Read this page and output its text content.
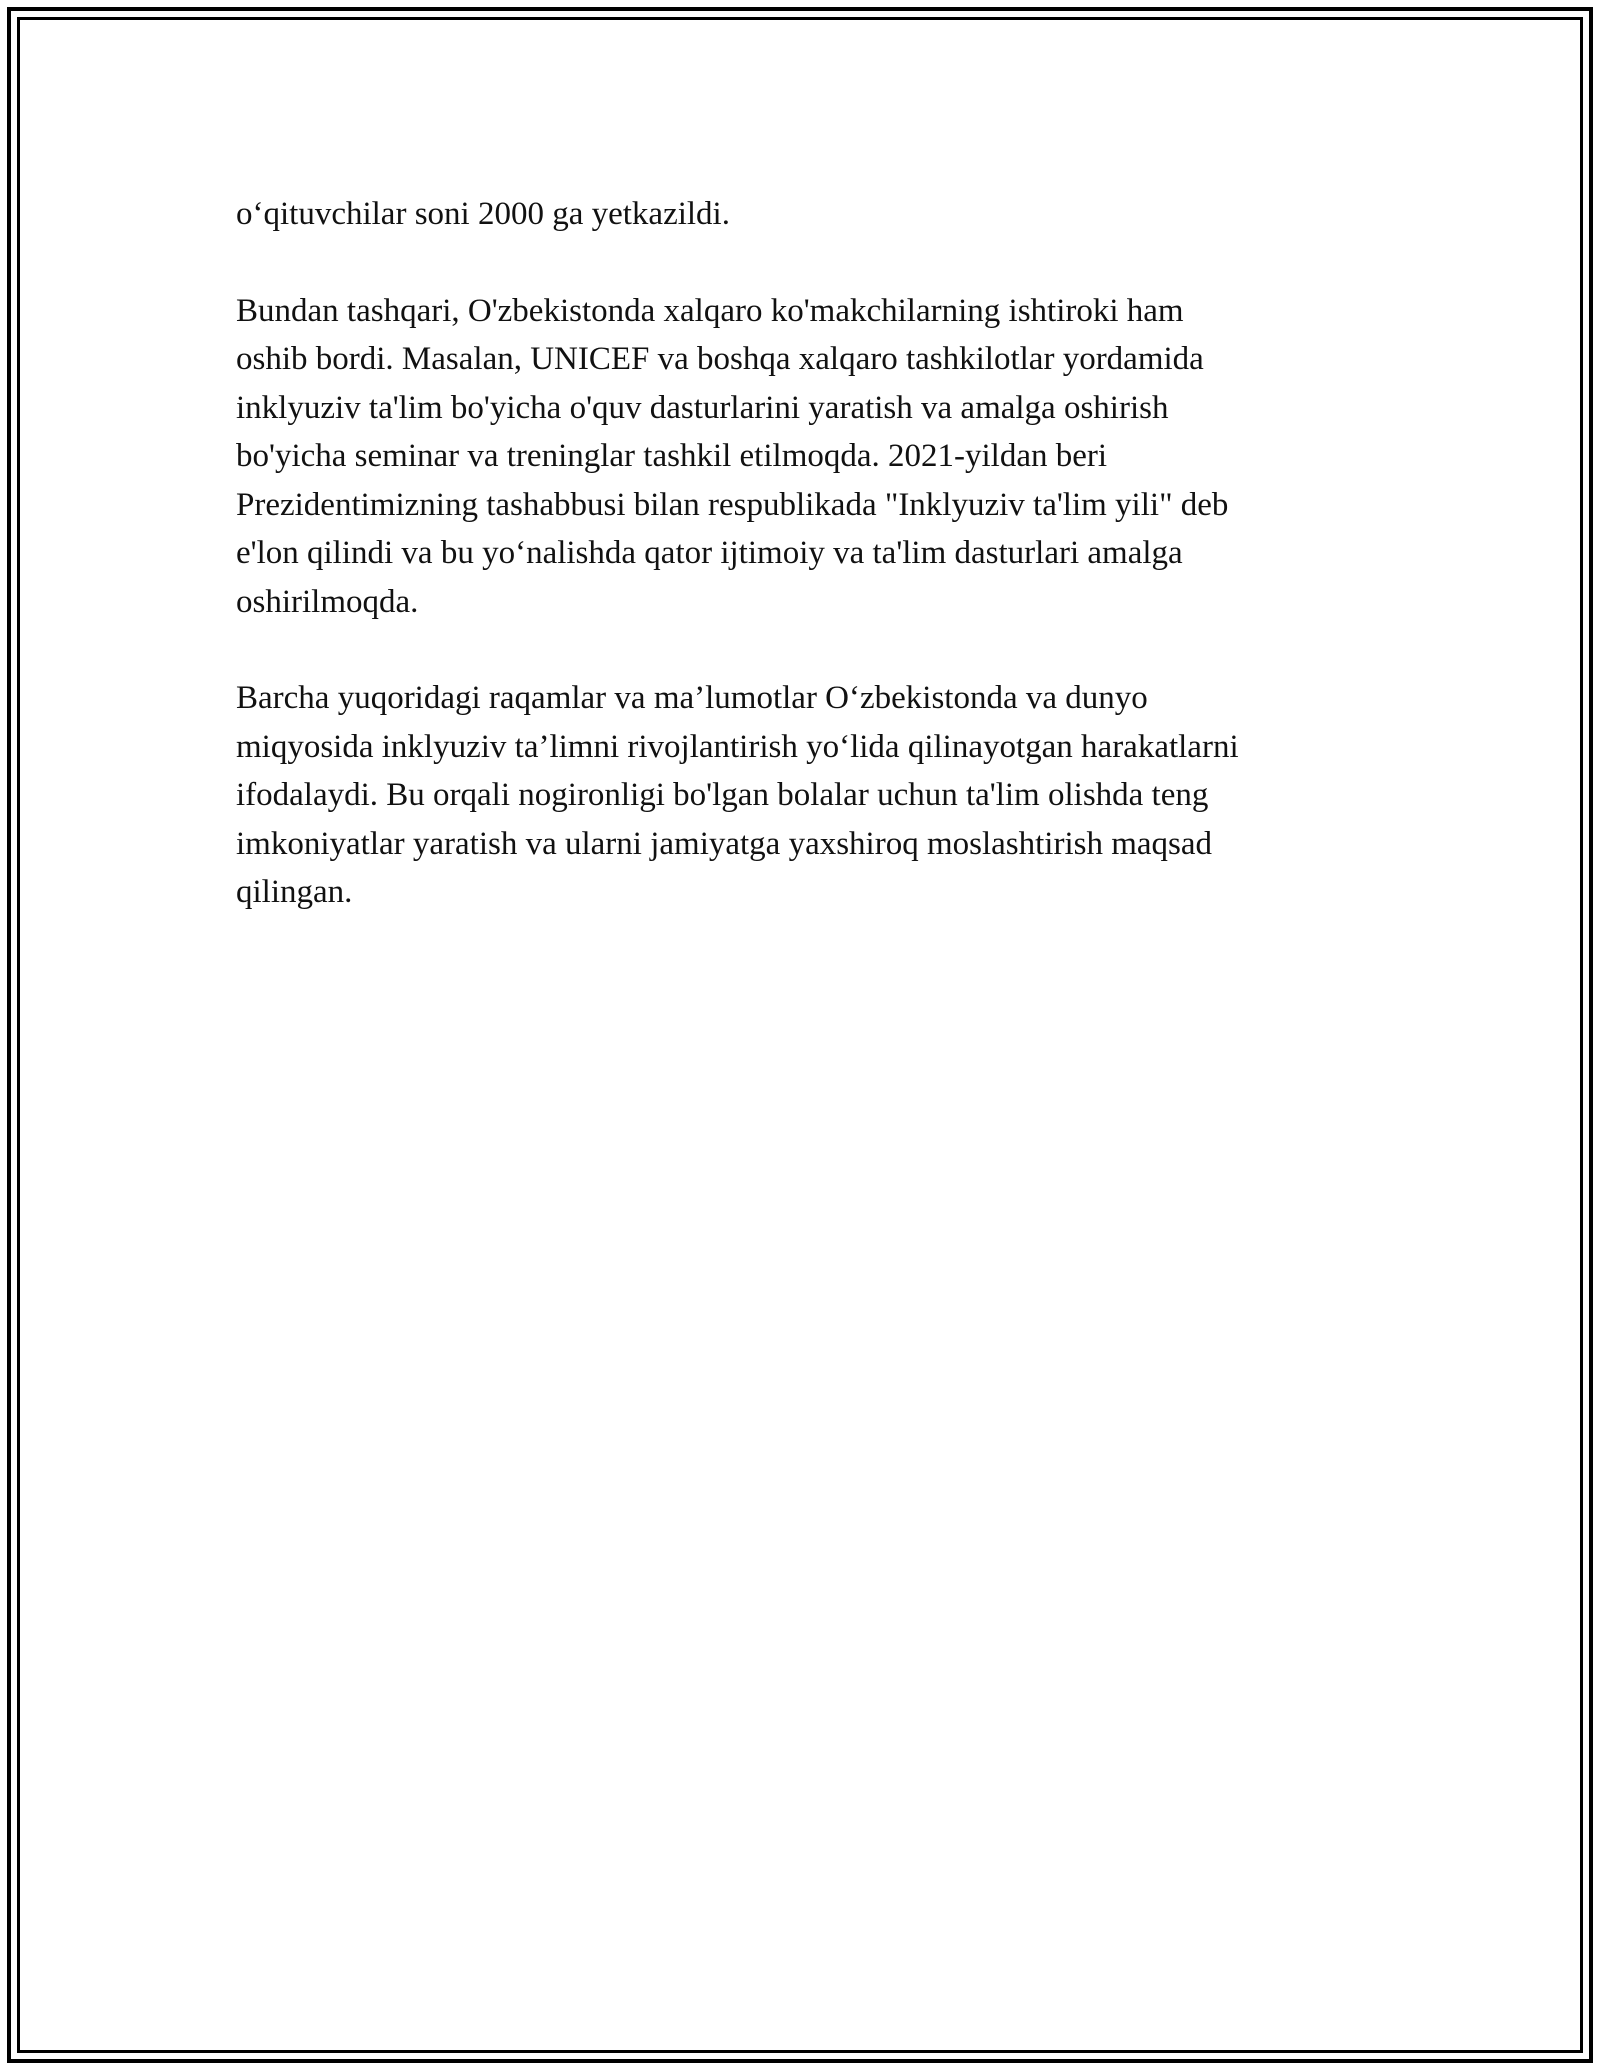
o‘qituvchilar soni 2000 ga yetkazildi.

Bundan tashqari, O'zbekistonda xalqaro ko'makchilarning ishtiroki ham
oshib bordi. Masalan, UNICEF va boshqa xalqaro tashkilotlar yordamida
inklyuziv ta'lim bo'yicha o'quv dasturlarini yaratish va amalga oshirish
bo'yicha seminar va treninglar tashkil etilmoqda. 2021-yildan beri
Prezidentimizning tashabbusi bilan respublikada "Inklyuziv ta'lim yili" deb
e'lon qilindi va bu yo‘nalishda qator ijtimoiy va ta'lim dasturlari amalga
oshirilmoqda.

Barcha yuqoridagi raqamlar va ma’lumotlar O‘zbekistonda va dunyo
miqyosida inklyuziv ta’limni rivojlantirish yo‘lida qilinayotgan harakatlarni
ifodalaydi. Bu orqali nogironligi bo'lgan bolalar uchun ta'lim olishda teng
imkoniyatlar yaratish va ularni jamiyatga yaxshiroq moslashtirish maqsad
qilingan.
